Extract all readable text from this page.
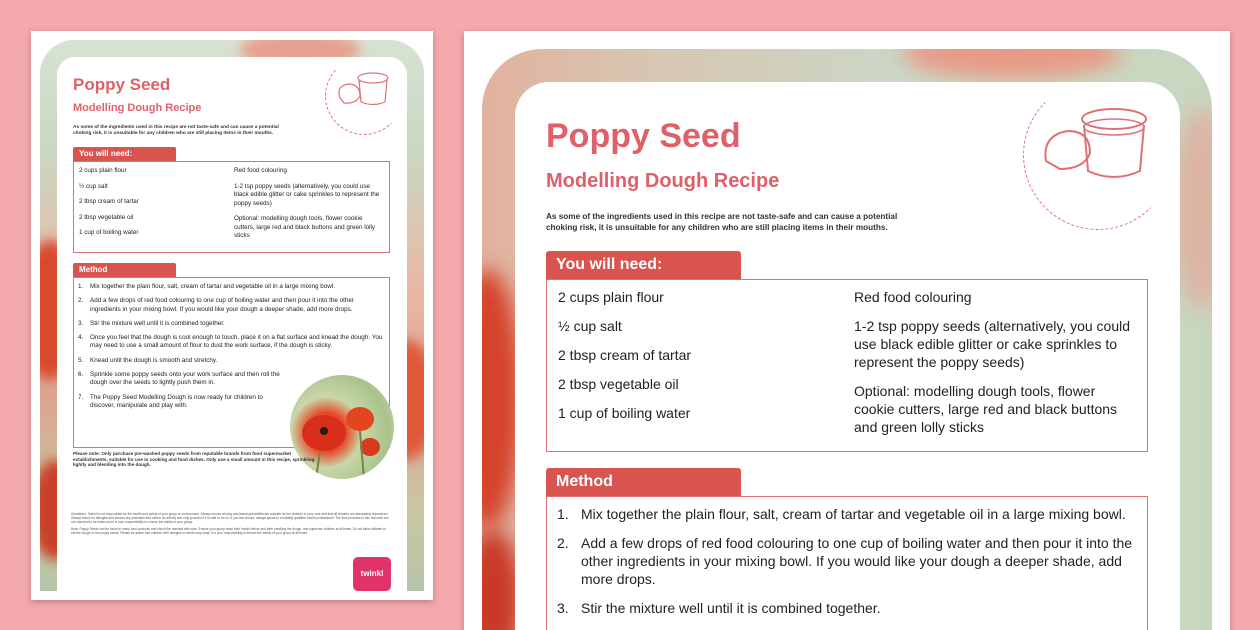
Poppy Seed
Modelling Dough Recipe
As some of the ingredients used in this recipe are not taste-safe and can cause a potential choking risk, it is unsuitable for any children who are still placing items in their mouths.
You will need:
2 cups plain flour
½ cup salt
2 tbsp cream of tartar
2 tbsp vegetable oil
1 cup of boiling water
Red food colouring
1-2 tsp poppy seeds (alternatively, you could use black edible glitter or cake sprinkles to represent the poppy seeds)
Optional: modelling dough tools, flower cookie cutters, large red and black buttons and green lolly sticks
Method
1. Mix together the plain flour, salt, cream of tartar and vegetable oil in a large mixing bowl.
2. Add a few drops of red food colouring to one cup of boiling water and then pour it into the other ingredients in your mixing bowl. If you would like your dough a deeper shade, add more drops.
3. Stir the mixture well until it is combined together.
4. Once you feel that the dough is cool enough to touch, place it on a flat surface and knead the dough. You may need to use a small amount of flour to dust the work surface, if the dough is sticky.
5. Knead until the dough is smooth and stretchy.
6. Sprinkle some poppy seeds onto your work surface and then roll the dough over the seeds to lightly push them in.
7. The Poppy Seed Modelling Dough is now ready for children to discover, manipulate and play with.
Please note: Only purchase pre-washed poppy seeds from reputable brands from food supermarket establishments, suitable for use in cooking and food dishes. Only use a small amount in this recipe, sprinkling lightly and blending into the dough.
Disclaimer: Twinkl is not responsible for the health and safety of your group or environment. Always ensure all play and learning activities are suitable for the children in your care and that all children are adequately supervised. Always check for allergies and assess any potential risks before an activity and only proceed if it is safe to do so. If you are unsure, always speak to a suitably qualified health professional. The final products in this resource are not intended to be eaten and it is your responsibility to ensure the safety of your group.
Note: Poppy Seeds can be found in many food products and should be handled with care. Ensure your group wash their hands before and after handling the dough, and supervise children at all times. Do not allow children to eat the dough or the poppy seeds. Please be aware that children with allergies to seeds may react; it is your responsibility to ensure the safety of your group at all times.
twinkl
Poppy Seed
Modelling Dough Recipe
As some of the ingredients used in this recipe are not taste-safe and can cause a potential choking risk, it is unsuitable for any children who are still placing items in their mouths.
You will need:
2 cups plain flour
½ cup salt
2 tbsp cream of tartar
2 tbsp vegetable oil
1 cup of boiling water
Red food colouring
1-2 tsp poppy seeds (alternatively, you could use black edible glitter or cake sprinkles to represent the poppy seeds)
Optional: modelling dough tools, flower cookie cutters, large red and black buttons and green lolly sticks
Method
1. Mix together the plain flour, salt, cream of tartar and vegetable oil in a large mixing bowl.
2. Add a few drops of red food colouring to one cup of boiling water and then pour it into the other ingredients in your mixing bowl. If you would like your dough a deeper shade, add more drops.
3. Stir the mixture well until it is combined together.
